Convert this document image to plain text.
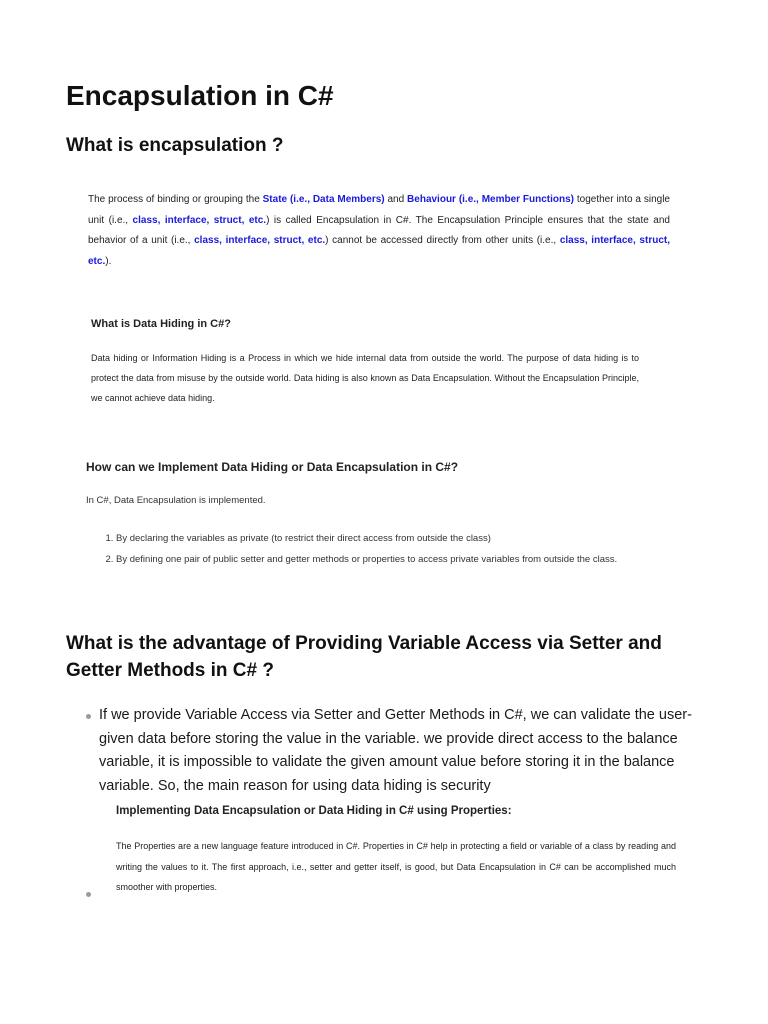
Encapsulation in C#
What is encapsulation ?

The process of binding or grouping the State (i.e., Data Members) and Behaviour (i.e., Member Functions) together into a single unit (i.e., class, interface, struct, etc.) is called Encapsulation in C#. The Encapsulation Principle ensures that the state and behavior of a unit (i.e., class, interface, struct, etc.) cannot be accessed directly from other units (i.e., class, interface, struct, etc.).

What is Data Hiding in C#?

Data hiding or Information Hiding is a Process in which we hide internal data from outside the world. The purpose of data hiding is to protect the data from misuse by the outside world. Data hiding is also known as Data Encapsulation. Without the Encapsulation Principle, we cannot achieve data hiding.

How can we Implement Data Hiding or Data Encapsulation in C#?

In C#, Data Encapsulation is implemented.

1. By declaring the variables as private (to restrict their direct access from outside the class)
2. By defining one pair of public setter and getter methods or properties to access private variables from outside the class.
What is the advantage of Providing Variable Access via Setter and Getter Methods in C# ?

If we provide Variable Access via Setter and Getter Methods in C#, we can validate the user-given data before storing the value in the variable. we provide direct access to the balance variable, it is impossible to validate the given amount value before storing it in the balance variable. So, the main reason for using data hiding is security

Implementing Data Encapsulation or Data Hiding in C# using Properties:

The Properties are a new language feature introduced in C#. Properties in C# help in protecting a field or variable of a class by reading and writing the values to it. The first approach, i.e., setter and getter itself, is good, but Data Encapsulation in C# can be accomplished much smoother with properties.
